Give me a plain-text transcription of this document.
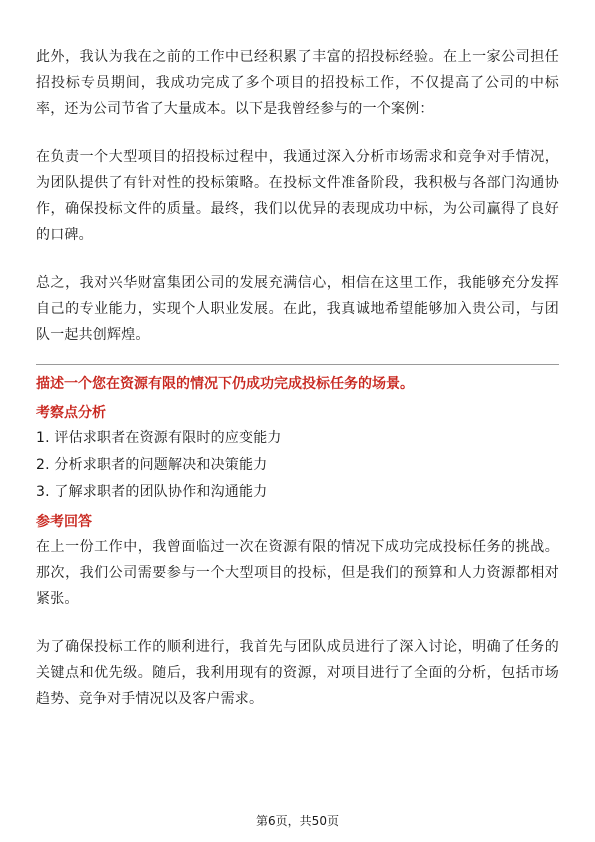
此外，我认为我在之前的工作中已经积累了丰富的招投标经验。在上一家公司担任招投标专员期间，我成功完成了多个项目的招投标工作，不仅提高了公司的中标率，还为公司节省了大量成本。以下是我曾经参与的一个案例：

在负责一个大型项目的招投标过程中，我通过深入分析市场需求和竞争对手情况，为团队提供了有针对性的投标策略。在投标文件准备阶段，我积极与各部门沟通协作，确保投标文件的质量。最终，我们以优异的表现成功中标，为公司赢得了良好的口碑。

总之，我对兴华财富集团公司的发展充满信心，相信在这里工作，我能够充分发挥自己的专业能力，实现个人职业发展。在此，我真诚地希望能够加入贵公司，与团队一起共创辉煌。

描述一个您在资源有限的情况下仍成功完成投标任务的场景。

考察点分析

1. 评估求职者在资源有限时的应变能力
2. 分析求职者的问题解决和决策能力
3. 了解求职者的团队协作和沟通能力

参考回答

在上一份工作中，我曾面临过一次在资源有限的情况下成功完成投标任务的挑战。那次，我们公司需要参与一个大型项目的投标，但是我们的预算和人力资源都相对紧张。

为了确保投标工作的顺利进行，我首先与团队成员进行了深入讨论，明确了任务的关键点和优先级。随后，我利用现有的资源，对项目进行了全面的分析，包括市场趋势、竞争对手情况以及客户需求。

第6页，共50页
